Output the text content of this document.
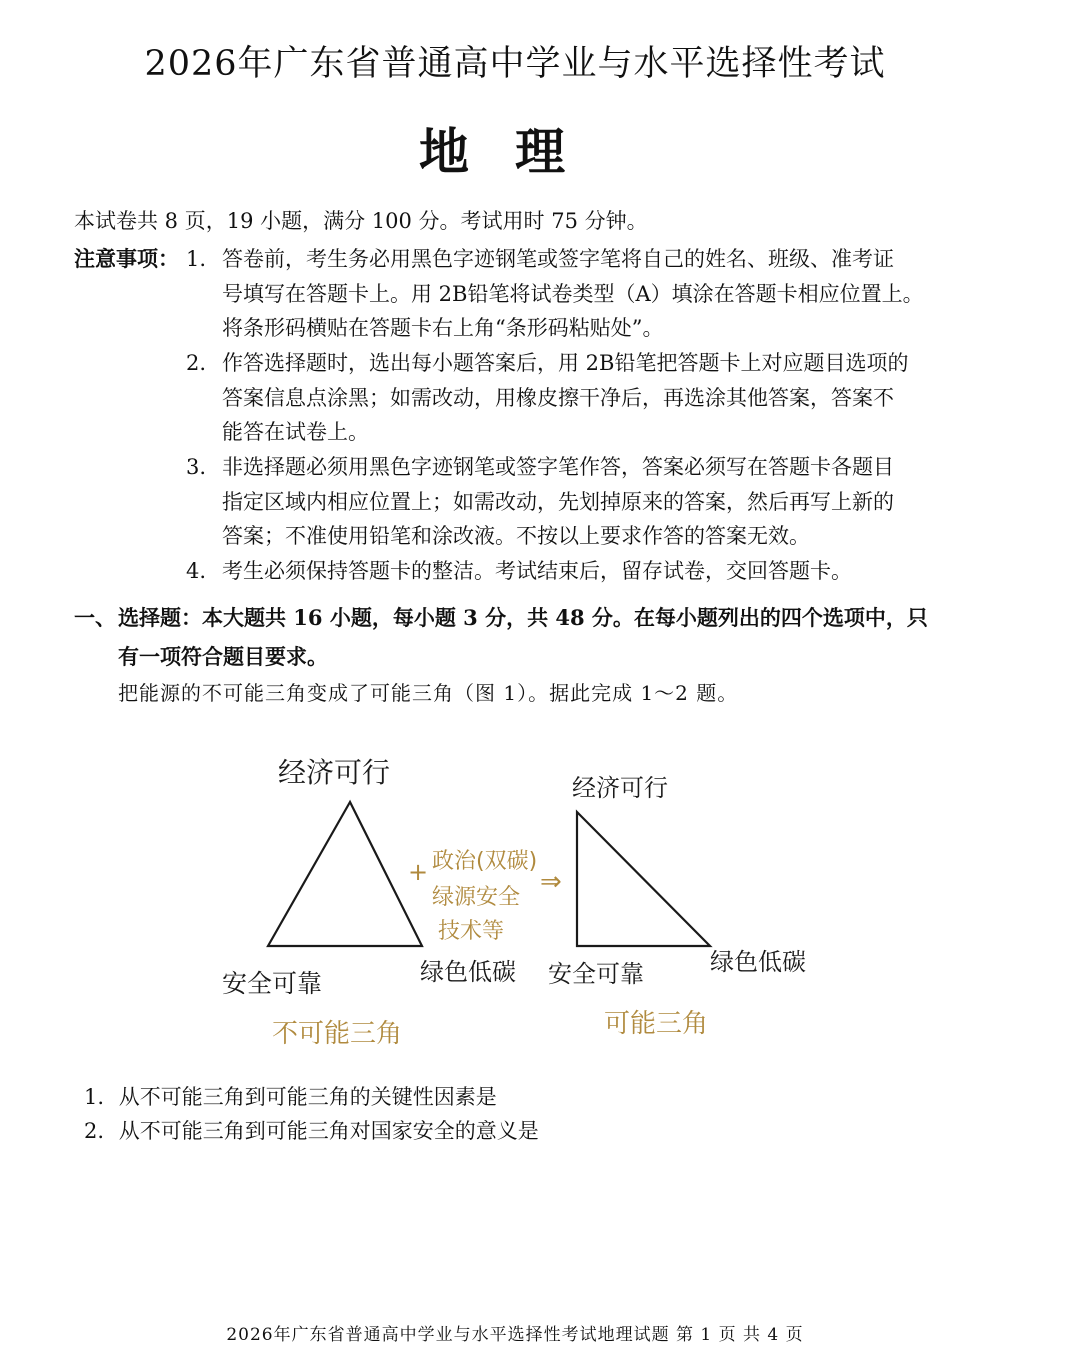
2026年广东省普通高中学业与水平选择性考试
地理
本试卷共 8 页，19 小题，满分 100 分。考试用时 75 分钟。
注意事项： 1. 答卷前，考生务必用黑色字迹钢笔或签字笔将自己的姓名、班级、准考证
号填写在答题卡上。用 2B铅笔将试卷类型（A）填涂在答题卡相应位置上。
将条形码横贴在答题卡右上角“条形码粘贴处”。
2. 作答选择题时，选出每小题答案后，用 2B铅笔把答题卡上对应题目选项的
答案信息点涂黑；如需改动，用橡皮擦干净后，再选涂其他答案，答案不
能答在试卷上。
3. 非选择题必须用黑色字迹钢笔或签字笔作答，答案必须写在答题卡各题目
指定区域内相应位置上；如需改动，先划掉原来的答案，然后再写上新的
答案；不准使用铅笔和涂改液。不按以上要求作答的答案无效。
4. 考生必须保持答题卡的整洁。考试结束后，留存试卷，交回答题卡。
一、 选择题：本大题共 16 小题，每小题 3 分，共 48 分。在每小题列出的四个选项中，只
有一项符合题目要求。
把能源的不可能三角变成了可能三角（图 1）。据此完成 1～2 题。
经济可行
安全可靠	绿色低碳
不可能三角
+ 政治(双碳)
绿源安全
技术等
⇒
经济可行
安全可靠	绿色低碳
可能三角
1. 从不可能三角到可能三角的关键性因素是
2. 从不可能三角到可能三角对国家安全的意义是
2026年广东省普通高中学业与水平选择性考试地理试题 第 1 页 共 4 页
